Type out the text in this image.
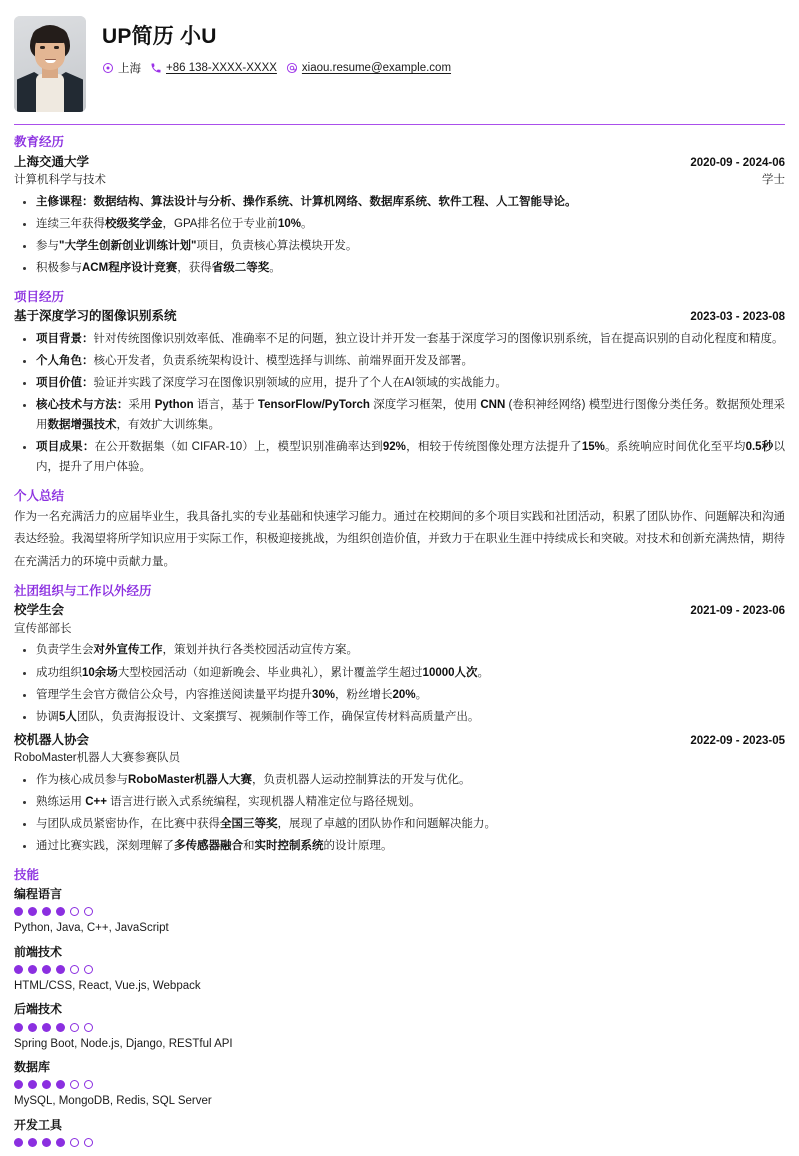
UP简历 小U
上海 +86 138-XXXX-XXXX xiaou.resume@example.com
教育经历
上海交通大学	2020-09 - 2024-06
计算机科学与技术	学士
主修课程：数据结构、算法设计与分析、操作系统、计算机网络、数据库系统、软件工程、人工智能导论。
连续三年获得校级奖学金，GPA排名位于专业前10%。
参与"大学生创新创业训练计划"项目，负责核心算法模块开发。
积极参与ACM程序设计竞赛，获得省级二等奖。
项目经历
基于深度学习的图像识别系统	2023-03 - 2023-08
项目背景：针对传统图像识别效率低、准确率不足的问题，独立设计并开发一套基于深度学习的图像识别系统，旨在提高识别的自动化程度和精度。
个人角色：核心开发者，负责系统架构设计、模型选择与训练、前端界面开发及部署。
项目价值：验证并实践了深度学习在图像识别领域的应用，提升了个人在AI领域的实战能力。
核心技术与方法：采用 Python 语言，基于 TensorFlow/PyTorch 深度学习框架，使用 CNN (卷积神经网络) 模型进行图像分类任务。数据预处理采用数据增强技术，有效扩大训练集。
项目成果：在公开数据集（如 CIFAR-10）上，模型识别准确率达到92%，相较于传统图像处理方法提升了15%。系统响应时间优化至平均0.5秒以内，提升了用户体验。
个人总结
作为一名充满活力的应届毕业生，我具备扎实的专业基础和快速学习能力。通过在校期间的多个项目实践和社团活动，积累了团队协作、问题解决和沟通表达经验。我渴望将所学知识应用于实际工作，积极迎接挑战，为组织创造价值，并致力于在职业生涯中持续成长和突破。对技术和创新充满热情，期待在充满活力的环境中贡献力量。
社团组织与工作以外经历
校学生会	2021-09 - 2023-06
宣传部部长
负责学生会对外宣传工作，策划并执行各类校园活动宣传方案。
成功组织10余场大型校园活动（如迎新晚会、毕业典礼），累计覆盖学生超过10000人次。
管理学生会官方微信公众号，内容推送阅读量平均提升30%，粉丝增长20%。
协调5人团队，负责海报设计、文案撰写、视频制作等工作，确保宣传材料高质量产出。
校机器人协会	2022-09 - 2023-05
RoboMaster机器人大赛参赛队员
作为核心成员参与RoboMaster机器人大赛，负责机器人运动控制算法的开发与优化。
熟练运用 C++ 语言进行嵌入式系统编程，实现机器人精准定位与路径规划。
与团队成员紧密协作，在比赛中获得全国三等奖，展现了卓越的团队协作和问题解决能力。
通过比赛实践，深刻理解了多传感器融合和实时控制系统的设计原理。
技能
编程语言
Python, Java, C++, JavaScript
前端技术
HTML/CSS, React, Vue.js, Webpack
后端技术
Spring Boot, Node.js, Django, RESTful API
数据库
MySQL, MongoDB, Redis, SQL Server
开发工具
